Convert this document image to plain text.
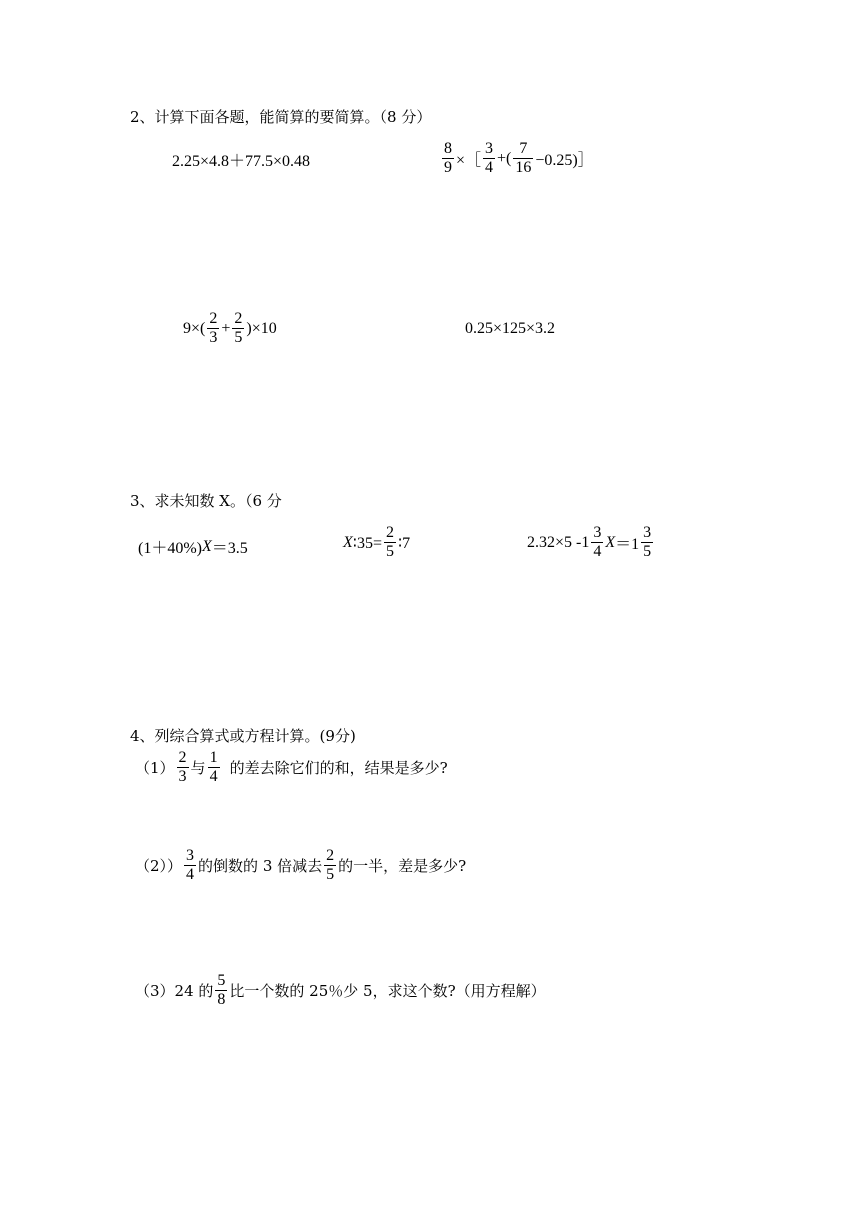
2、计算下面各题，能简算的要简算。（8 分）
2.25×4.8＋77.5×0.48	$\frac{8}{9}$ ×［ $\frac{3}{4}$ +( $\frac{7}{16}$ −0.25)］
$9\times( \frac{2}{3} + \frac{2}{5} )\times 10$	0.25×125×3.2
3、求未知数 X。（6 分
(1＋40%) X ＝3.5	X ∶35= $\frac{2}{5}$ ∶7	2.32×5 $-1 \frac{3}{4}$ $X =1 \frac{3}{5}$
4、列综合算式或方程计算。(9分)
$(1) \frac{2}{3}$ 与 $\frac{1}{4}$ 的差去除它们的和，结果是多少?
$(2)) \frac{3}{4}$ 的倒数的 3 倍减去 $\frac{2}{5}$ 的一半，差是多少?
（3）24 的 $\frac{5}{8}$ 比一个数的 25％少 5，求这个数?（用方程解）
